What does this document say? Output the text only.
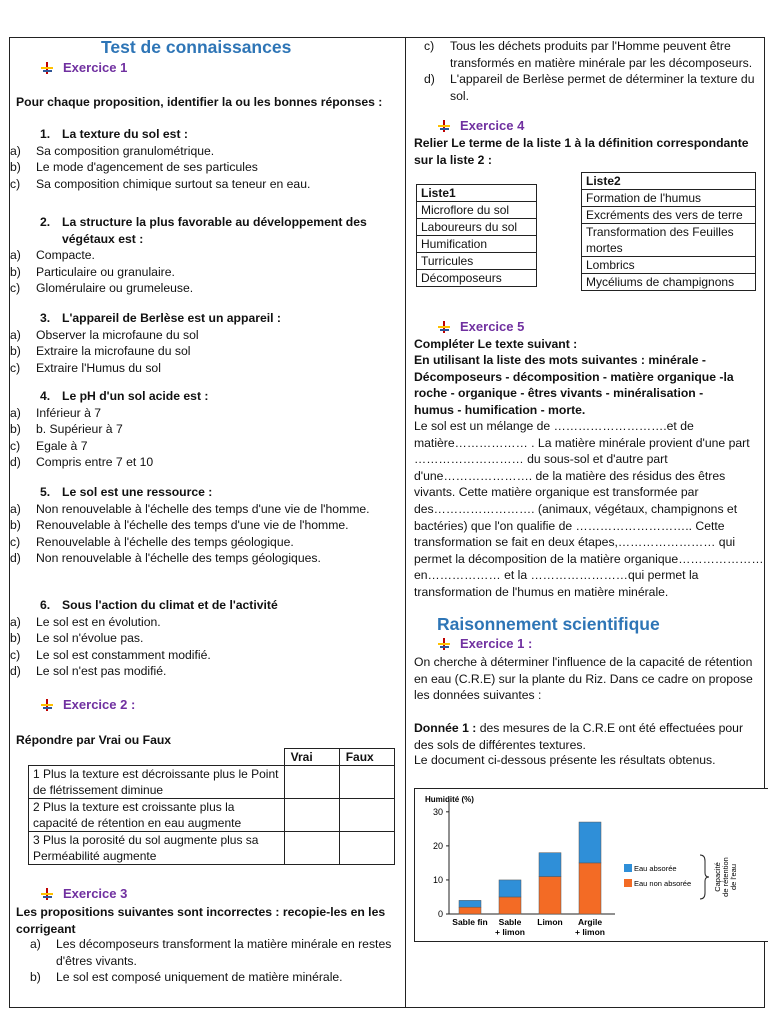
Test de connaissances
Exercice 1
Pour chaque proposition, identifier la ou les bonnes réponses :
1. La texture du sol est :
a)	Sa composition granulométrique.
b)	Le mode d'agencement de ses particules
c)	Sa composition chimique surtout sa teneur en eau.
2. La structure la plus favorable au développement des végétaux est :
a)	Compacte.
b)	Particulaire ou granulaire.
c)	Glomérulaire ou grumeleuse.
3. L'appareil de Berlèse est un appareil :
a)	Observer la microfaune du sol
b)	Extraire la microfaune du sol
c)	Extraire l'Humus du sol
4. Le pH d'un sol acide est :
a)	Inférieur à 7
b)	b. Supérieur à 7
c)	Egale à 7
d)	Compris entre 7 et 10
5. Le sol est une ressource :
a)	Non renouvelable à l'échelle des temps d'une vie de l'homme.
b)	Renouvelable à l'échelle des temps d'une vie de l'homme.
c)	Renouvelable à l'échelle des temps géologique.
d)	Non renouvelable à l'échelle des temps géologiques.
6. Sous l'action du climat et de l'activité
a)	Le sol est en évolution.
b)	Le sol n'évolue pas.
c)	Le sol est constamment modifié.
d)	Le sol n'est pas modifié.
Exercice 2 :
Répondre par Vrai ou Faux
	Vrai	Faux
1 Plus la texture est décroissante plus le Point de flétrissement diminue		
2 Plus la texture est croissante plus la capacité de rétention en eau augmente		
3 Plus la porosité du sol augmente plus sa Perméabilité augmente		
Exercice 3
Les propositions suivantes sont incorrectes : recopie-les en les corrigeant
a)	Les décomposeurs transforment la matière minérale en restes d'êtres vivants.
b)	Le sol est composé uniquement de matière minérale.
c)	Tous les déchets produits par l'Homme peuvent être transformés en matière minérale par les décomposeurs.
d)	L'appareil de Berlèse permet de déterminer la texture du sol.
Exercice 4
Relier Le terme de la liste 1 à la définition correspondante sur la liste 2 :
Liste1
Microflore du sol
Laboureurs du sol
Humification
Turricules
Décomposeurs
Liste2
Formation de l'humus
Excréments des vers de terre
Transformation des Feuilles mortes
Lombrics
Mycéliums de champignons
Exercice 5
Compléter Le texte suivant :
En utilisant la liste des mots suivantes : minérale - Décomposeurs - décomposition - matière organique -la roche - organique - êtres vivants - minéralisation - humus - humification - morte.
Le sol est un mélange de ……………………….et de matière……………… . La matière minérale provient d'une part ……………………… du sous-sol et d'autre part d'une…………………. de la matière des résidus des êtres vivants. Cette matière organique est transformée par des……………………. (animaux, végétaux, champignons et bactéries) que l'on qualifie de ……………………….. Cette transformation se fait en deux étapes,…………………… qui permet la décomposition de la matière organique………………… en……………… et la ……………………qui permet la transformation de l'humus en matière minérale.
Raisonnement scientifique
Exercice 1 :
On cherche à déterminer l'influence de la capacité de rétention en eau (C.R.E) sur la plante du Riz. Dans ce cadre on propose les données suivantes :
Donnée 1 : des mesures de la C.R.E ont été effectuées pour des sols de différentes textures.
Le document ci-dessous présente les résultats obtenus.
Humidité (%)
0
10
20
30
Sable fin	Sable + limon
Limon	Argile + limon
Eau absorée
Eau non absorée	Capacitéde rétentionde l'eau
